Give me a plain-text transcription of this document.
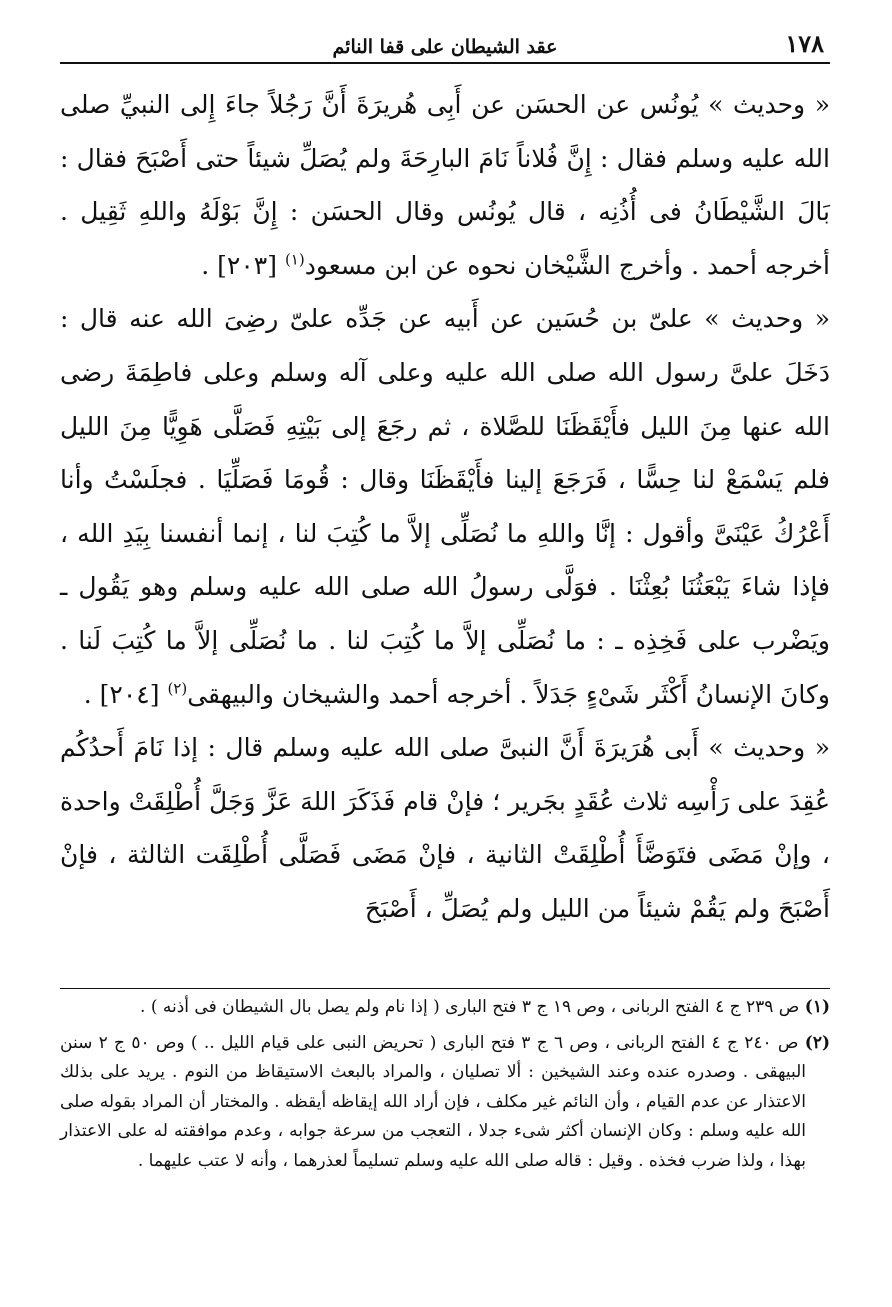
١٧٨
عقد الشيطان على قفا النائم

« وحديث » يُونُس عن الحسَن عن أَبِى هُريرَةَ أَنَّ رَجُلاً جاءَ إِلى النبيِّ صلى الله عليه وسلم فقال : إِنَّ فُلاناً نَامَ البارِحَةَ ولم يُصَلِّ شيئاً حتى أَصْبَحَ فقال : بَالَ الشَّيْطَانُ فى أُذُنِه ، قال يُونُس وقال الحسَن : إِنَّ بَوْلَهُ واللهِ ثَقِيل . أخرجه أحمد . وأخرج الشَّيْخان نحوه عن ابن مسعود$^{(١)}$ [٢٠٣] .

« وحديث » علىّ بن حُسَين عن أَبيه عن جَدِّه علىّ رضِىَ الله عنه قال : دَخَلَ علىَّ رسول الله صلى الله عليه وعلى آله وسلم وعلى فاطِمَةَ رضى الله عنها مِنَ الليل فأَيْقَظَنَا للصَّلاة ، ثم رجَعَ إلى بَيْتِهِ فَصَلَّى هَوِيًّا مِنَ الليل فلم يَسْمَعْ لنا حِسًّا ، فَرَجَعَ إلينا فأَيْقَظَنَا وقال : قُومَا فَصَلِّيَا . فجلَسْتُ وأنا أَعْرُكُ عَيْنَىَّ وأقول : إنَّا واللهِ ما نُصَلِّى إلاَّ ما كُتِبَ لنا ، إنما أنفسنا بِيَدِ الله ، فإذا شاءَ يَبْعَثُنَا بُعِثْنَا . فوَلَّى رسولُ الله صلى الله عليه وسلم وهو يَقُول ـ ويَضْرب على فَخِذِه ـ : ما نُصَلِّى إلاَّ ما كُتِبَ لنا . ما نُصَلِّى إلاَّ ما كُتِبَ لَنا . وكانَ الإنسانُ أَكْثَر شَىْءٍ جَدَلاً . أخرجه أحمد والشيخان والبيهقى$^{(٢)}$ [٢٠٤] .

« وحديث » أَبى هُرَيرَةَ أَنَّ النبىَّ صلى الله عليه وسلم قال : إذا نَامَ أَحدُكُم عُقِدَ على رَأْسِه ثلاث عُقَدٍ بجَرير ؛ فإنْ قام فَذَكَرَ اللهَ عَزَّ وَجَلَّ أُطْلِقَتْ واحدة ، وإنْ مَضَى فتَوَضَّأَ أُطْلِقَتْ الثانية ، فإنْ مَضَى فَصَلَّى أُطْلِقَت الثالثة ، فإنْ أَصْبَحَ ولم يَقُمْ شيئاً من الليل ولم يُصَلِّ ، أَصْبَحَ

(١) ص ٢٣٩ ج ٤ الفتح الربانى ، وص ١٩ ج ٣ فتح البارى ( إذا نام ولم يصل بال الشيطان فى أذنه ) .

(٢) ص ٢٤٠ ج ٤ الفتح الربانى ، وص ٦ ج ٣ فتح البارى ( تحريض النبى على قيام الليل .. ) وص ٥٠ ج ٢ سنن البيهقى . وصدره عنده وعند الشيخين : ألا تصليان ، والمراد بالبعث الاستيقاظ من النوم . يريد على بذلك الاعتذار عن عدم القيام ، وأن النائم غير مكلف ، فإن أراد الله إيقاظه أيقظه . والمختار أن المراد بقوله صلى الله عليه وسلم : وكان الإنسان أكثر شىء جدلا ، التعجب من سرعة جوابه ، وعدم موافقته له على الاعتذار بهذا ، ولذا ضرب فخذه . وقيل : قاله صلى الله عليه وسلم تسليماً لعذرهما ، وأنه لا عتب عليهما .
